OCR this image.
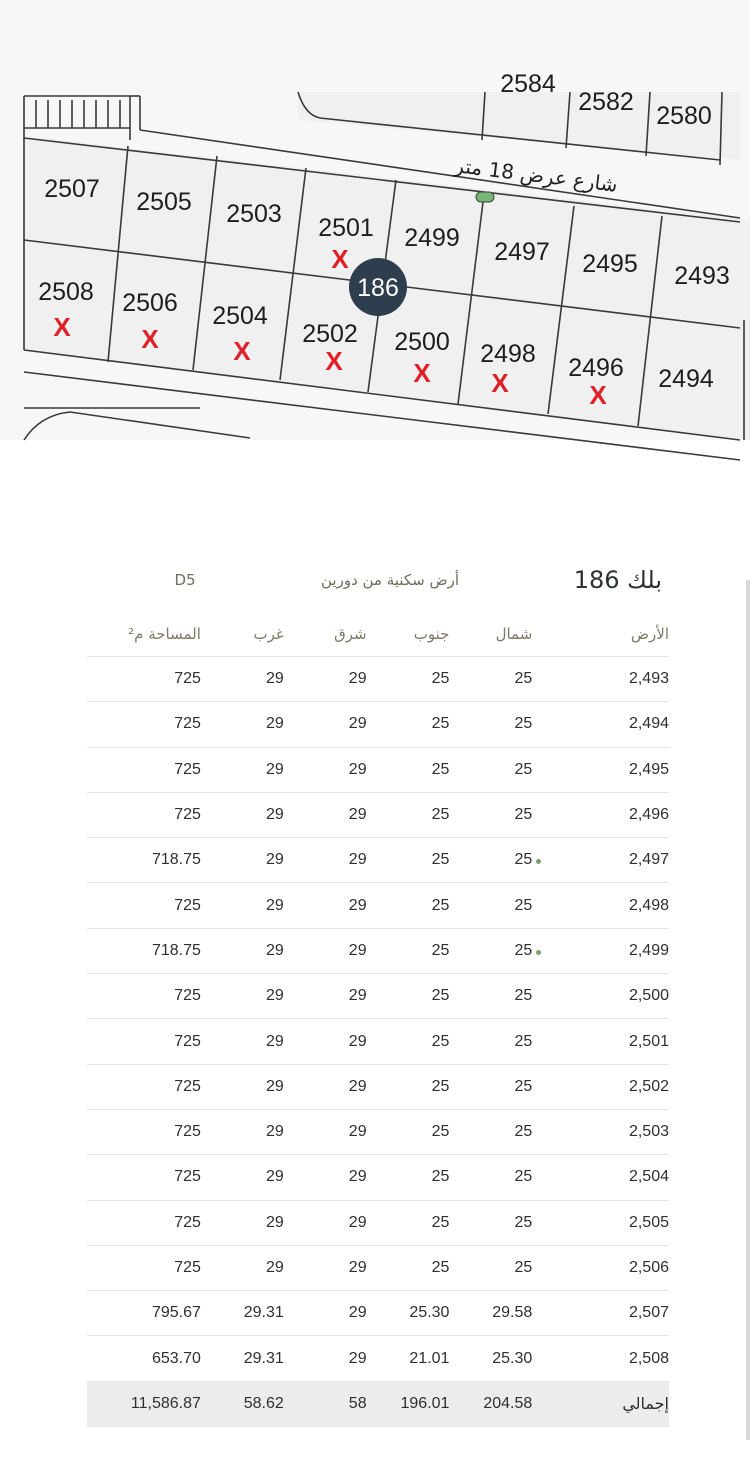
شارع عرض 18 متر
2584
2582 2580
2507 2505 2503 2501 2499 2497 2495 2493
2508 2506 2504
2502 2500 2498 2496 2494
X	X	X	X	X X	X
X
186
بلك 186
أرض سكنية من دورين
D5
المساحة م²	غرب	شرق	جنوب	شمال		الأرض
725	29	29	25	25		2,493
725	29	29	25	25		2,494
725	29	29	25	25		2,495
725	29	29	25	25		2,496
718.75	29	29	25	25		2,497
725	29	29	25	25		2,498
718.75	29	29	25	25		2,499
725	29	29	25	25		2,500
725	29	29	25	25		2,501
725	29	29	25	25		2,502
725	29	29	25	25		2,503
725	29	29	25	25		2,504
725	29	29	25	25		2,505
725	29	29	25	25		2,506
795.67	29.31	29	25.30	29.58		2,507
653.70	29.31	29	21.01	25.30		2,508
11,586.87	58.62	58	196.01	204.58		إجمالي
